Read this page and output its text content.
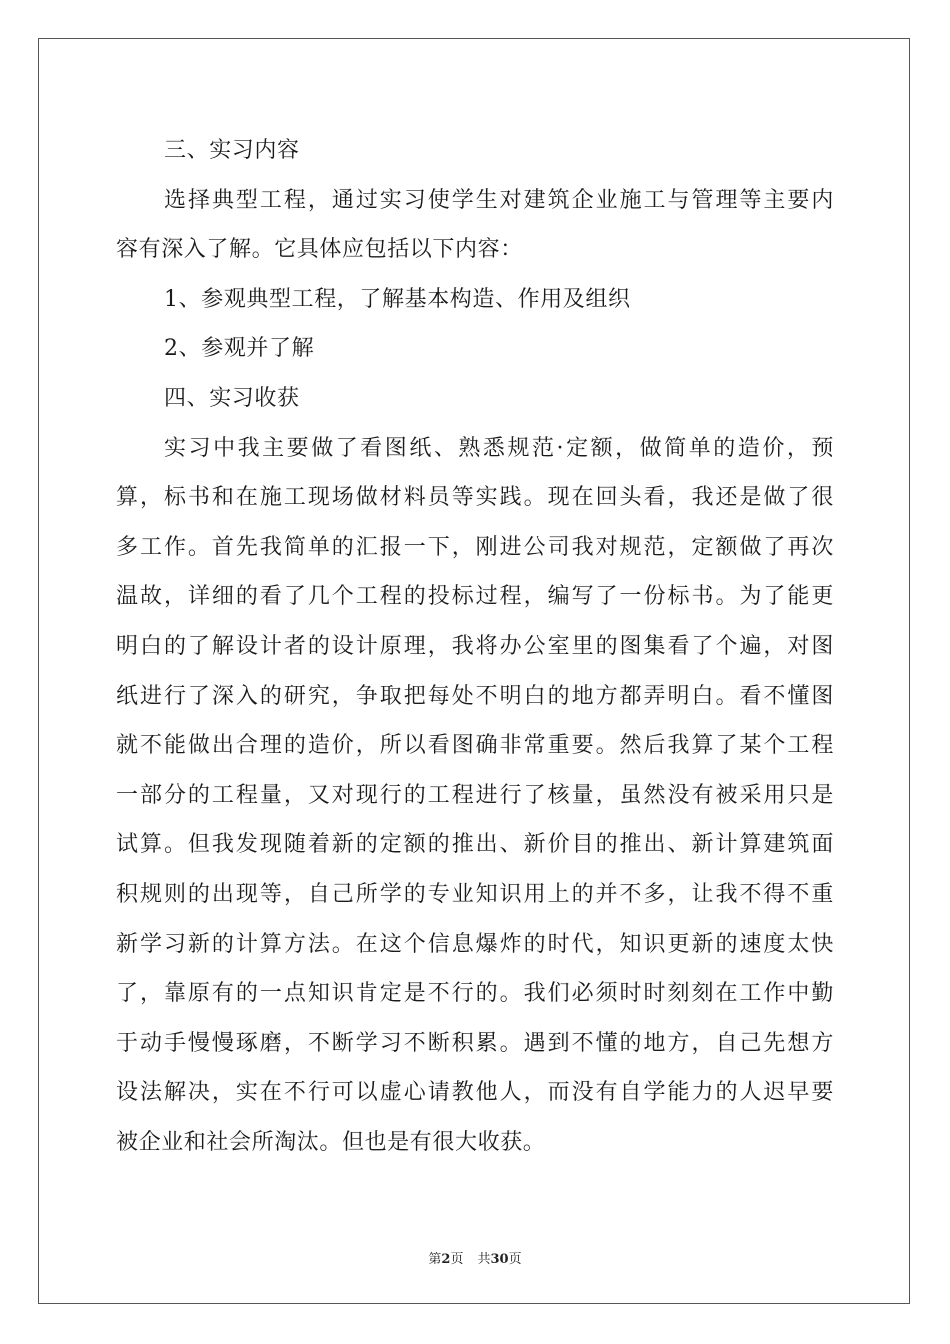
三、实习内容
选择典型工程，通过实习使学生对建筑企业施工与管理等主要内
容有深入了解。它具体应包括以下内容：
1、参观典型工程，了解基本构造、作用及组织
2、参观并了解
四、实习收获
实习中我主要做了看图纸、熟悉规范·定额，做简单的造价，预
算，标书和在施工现场做材料员等实践。现在回头看，我还是做了很
多工作。首先我简单的汇报一下，刚进公司我对规范，定额做了再次
温故，详细的看了几个工程的投标过程，编写了一份标书。为了能更
明白的了解设计者的设计原理，我将办公室里的图集看了个遍，对图
纸进行了深入的研究，争取把每处不明白的地方都弄明白。看不懂图
就不能做出合理的造价，所以看图确非常重要。然后我算了某个工程
一部分的工程量，又对现行的工程进行了核量，虽然没有被采用只是
试算。但我发现随着新的定额的推出、新价目的推出、新计算建筑面
积规则的出现等，自己所学的专业知识用上的并不多，让我不得不重
新学习新的计算方法。在这个信息爆炸的时代，知识更新的速度太快
了，靠原有的一点知识肯定是不行的。我们必须时时刻刻在工作中勤
于动手慢慢琢磨，不断学习不断积累。遇到不懂的地方，自己先想方
设法解决，实在不行可以虚心请教他人，而没有自学能力的人迟早要
被企业和社会所淘汰。但也是有很大收获。
第2页 共30页
